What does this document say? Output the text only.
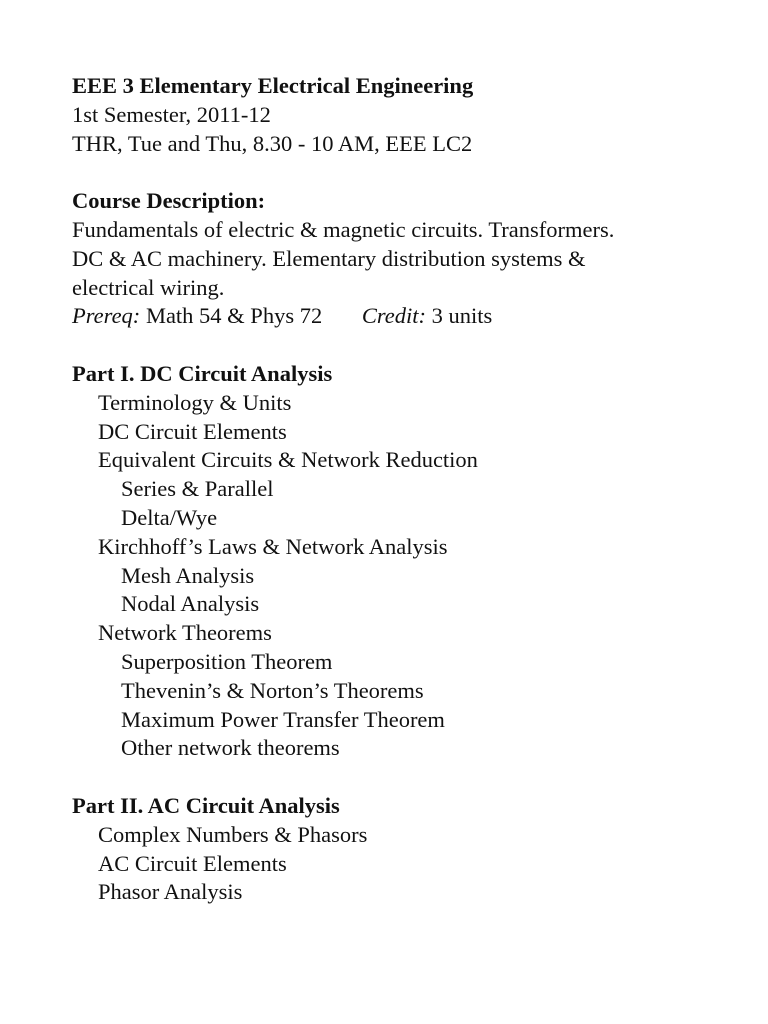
EEE 3 Elementary Electrical Engineering
1st Semester, 2011-12
THR, Tue and Thu, 8.30 - 10 AM, EEE LC2
Course Description:
Fundamentals of electric & magnetic circuits. Transformers.
DC & AC machinery. Elementary distribution systems &
electrical wiring.
Prereq: Math 54 & Phys 72 Credit: 3 units
Part I. DC Circuit Analysis
Terminology & Units
DC Circuit Elements
Equivalent Circuits & Network Reduction
Series & Parallel
Delta/Wye
Kirchhoff’s Laws & Network Analysis
Mesh Analysis
Nodal Analysis
Network Theorems
Superposition Theorem
Thevenin’s & Norton’s Theorems
Maximum Power Transfer Theorem
Other network theorems
Part II. AC Circuit Analysis
Complex Numbers & Phasors
AC Circuit Elements
Phasor Analysis
